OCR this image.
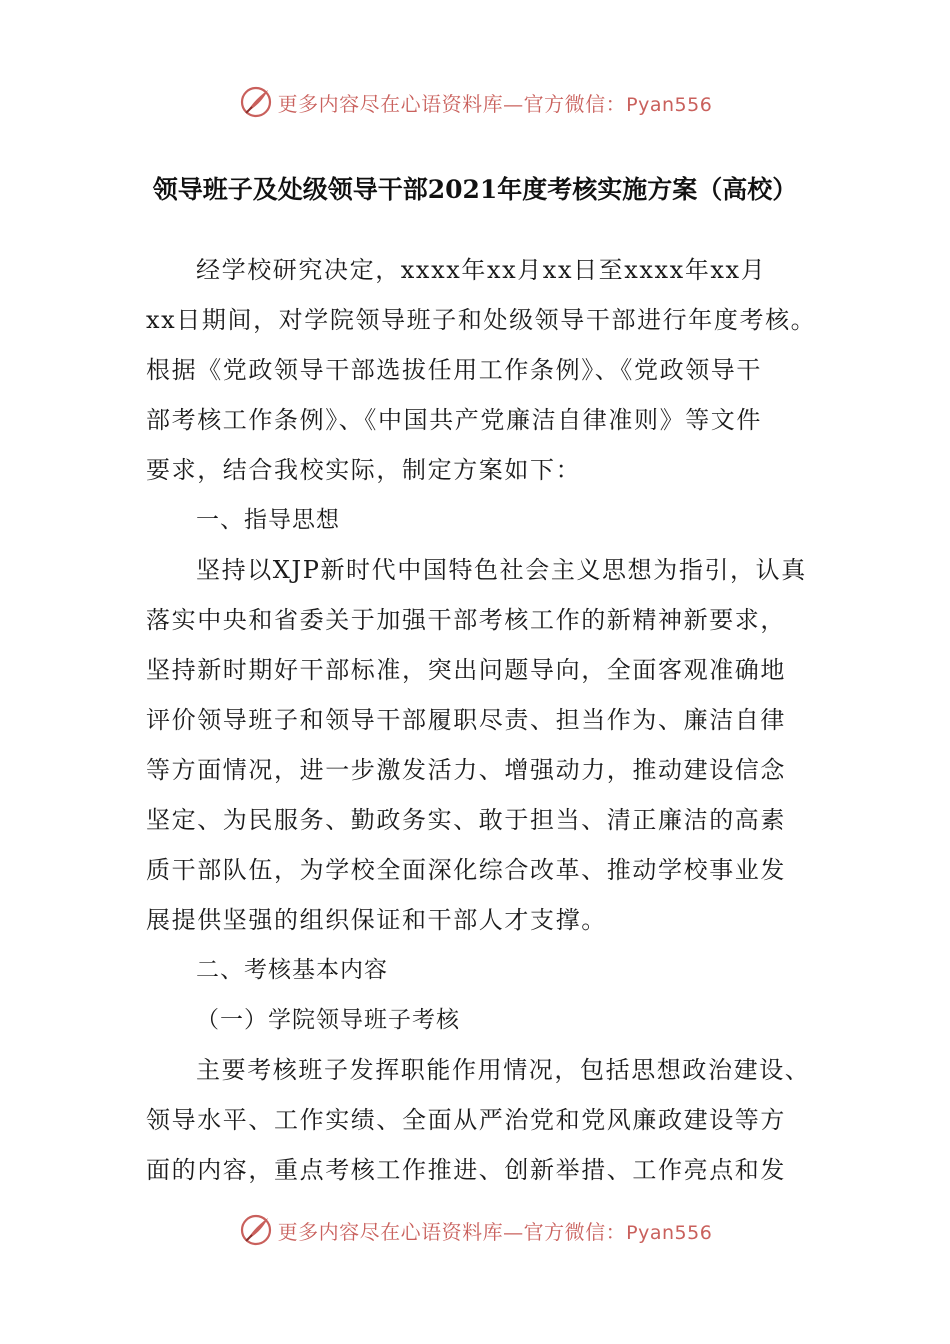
更多内容尽在心语资料库—官方微信：Pyan556
领导班子及处级领导干部2021年度考核实施方案（高校）
经学校研究决定，xxxx年xx月xx日至xxxx年xx月
xx日期间，对学院领导班子和处级领导干部进行年度考核。
根据《党政领导干部选拔任用工作条例》、《党政领导干
部考核工作条例》、《中国共产党廉洁自律准则》等文件
要求，结合我校实际，制定方案如下：
一、指导思想
坚持以XJP新时代中国特色社会主义思想为指引，认真
落实中央和省委关于加强干部考核工作的新精神新要求，
坚持新时期好干部标准，突出问题导向，全面客观准确地
评价领导班子和领导干部履职尽责、担当作为、廉洁自律
等方面情况，进一步激发活力、增强动力，推动建设信念
坚定、为民服务、勤政务实、敢于担当、清正廉洁的高素
质干部队伍，为学校全面深化综合改革、推动学校事业发
展提供坚强的组织保证和干部人才支撑。
二、考核基本内容
（一）学院领导班子考核
主要考核班子发挥职能作用情况，包括思想政治建设、
领导水平、工作实绩、全面从严治党和党风廉政建设等方
面的内容，重点考核工作推进、创新举措、工作亮点和发
更多内容尽在心语资料库—官方微信：Pyan556
